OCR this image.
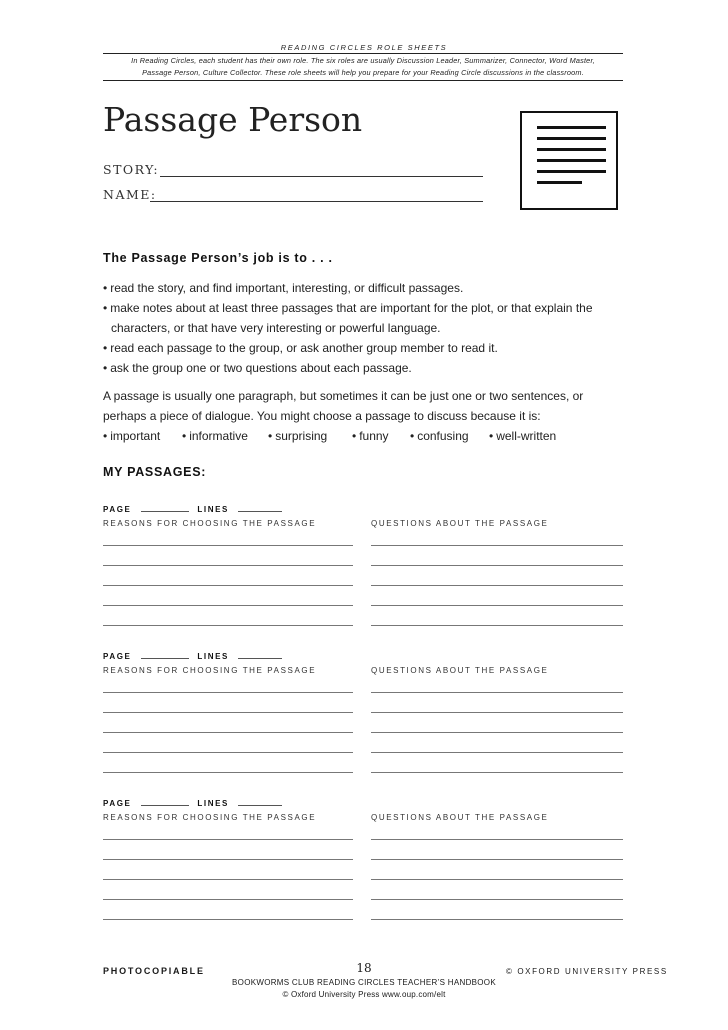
READING CIRCLES ROLE SHEETS
In Reading Circles, each student has their own role. The six roles are usually Discussion Leader, Summarizer, Connector, Word Master,
Passage Person, Culture Collector. These role sheets will help you prepare for your Reading Circle discussions in the classroom.
Passage Person
STORY:
NAME:
The Passage Person’s job is to . . .
• read the story, and find important, interesting, or difficult passages.
• make notes about at least three passages that are important for the plot, or that explain the
characters, or that have very interesting or powerful language.
• read each passage to the group, or ask another group member to read it.
• ask the group one or two questions about each passage.
A passage is usually one paragraph, but sometimes it can be just one or two sentences, or
perhaps a piece of dialogue. You might choose a passage to discuss because it is:
• important	• informative	• surprising	• funny	• confusing	• well-written
MY PASSAGES:
PAGE	LINES
REASONS FOR CHOOSING THE PASSAGE	QUESTIONS ABOUT THE PASSAGE
PAGE	LINES
REASONS FOR CHOOSING THE PASSAGE	QUESTIONS ABOUT THE PASSAGE
PAGE	LINES
REASONS FOR CHOOSING THE PASSAGE	QUESTIONS ABOUT THE PASSAGE
PHOTOCOPIABLE	18	© OXFORD UNIVERSITY PRESS
BOOKWORMS CLUB READING CIRCLES TEACHER’S HANDBOOK
© Oxford University Press www.oup.com/elt
